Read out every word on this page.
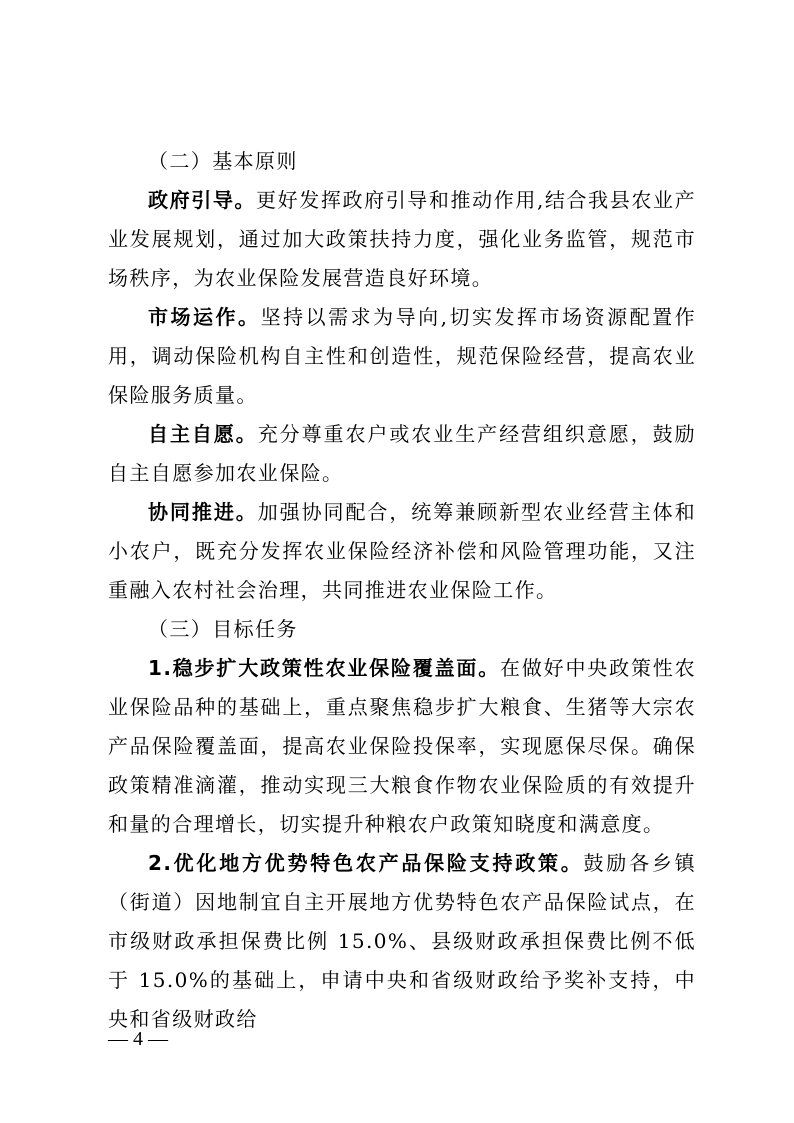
（二）基本原则

政府引导。更好发挥政府引导和推动作用,结合我县农业产业发展规划，通过加大政策扶持力度，强化业务监管，规范市场秩序，为农业保险发展营造良好环境。

市场运作。坚持以需求为导向,切实发挥市场资源配置作用，调动保险机构自主性和创造性，规范保险经营，提高农业保险服务质量。

自主自愿。充分尊重农户或农业生产经营组织意愿，鼓励自主自愿参加农业保险。

协同推进。加强协同配合，统筹兼顾新型农业经营主体和小农户，既充分发挥农业保险经济补偿和风险管理功能，又注重融入农村社会治理，共同推进农业保险工作。

（三）目标任务

1.稳步扩大政策性农业保险覆盖面。在做好中央政策性农业保险品种的基础上，重点聚焦稳步扩大粮食、生猪等大宗农产品保险覆盖面，提高农业保险投保率，实现愿保尽保。确保政策精准滴灌，推动实现三大粮食作物农业保险质的有效提升和量的合理增长，切实提升种粮农户政策知晓度和满意度。

2.优化地方优势特色农产品保险支持政策。鼓励各乡镇（街道）因地制宜自主开展地方优势特色农产品保险试点，在市级财政承担保费比例 15.0%、县级财政承担保费比例不低于 15.0%的基础上，申请中央和省级财政给予奖补支持，中央和省级财政给

— 4 —
